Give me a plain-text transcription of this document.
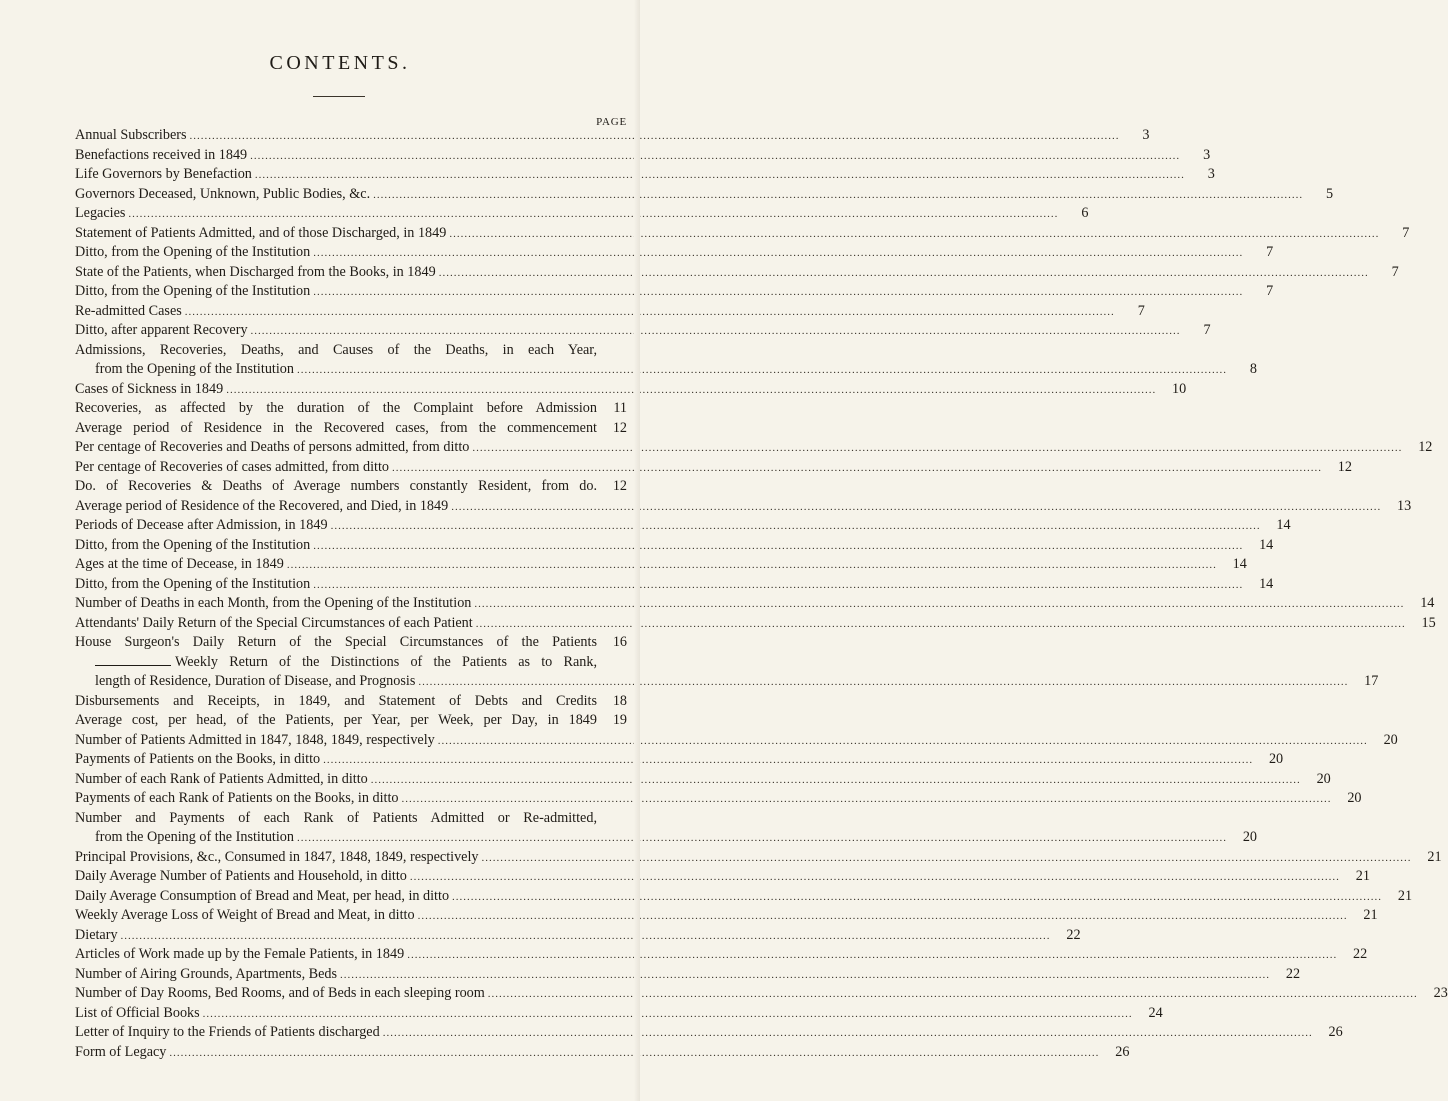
CONTENTS.
PAGE
Annual Subscribers .....	3
Benefactions received in 1849 .....	3
Life Governors by Benefaction .....	3
Governors Deceased, Unknown, Public Bodies, &c. .....	5
Legacies .....	6
Statement of Patients Admitted, and of those Discharged, in 1849 .....	7
Ditto, from the Opening of the Institution .....	7
State of the Patients, when Discharged from the Books, in 1849 .....	7
Ditto, from the Opening of the Institution .....	7
Re-admitted Cases .....	7
Ditto, after apparent Recovery .....	7
Admissions, Recoveries, Deaths, and Causes of the Deaths, in each Year,
from the Opening of the Institution .....	8
Cases of Sickness in 1849 .....	10
Recoveries, as affected by the duration of the Complaint before Admission	11
Average period of Residence in the Recovered cases, from the commencement	12
Per centage of Recoveries and Deaths of persons admitted, from ditto .....	12
Per centage of Recoveries of cases admitted, from ditto .....	12
Do. of Recoveries & Deaths of Average numbers constantly Resident, from do.	12
Average period of Residence of the Recovered, and Died, in 1849 .....	13
Periods of Decease after Admission, in 1849 .....	14
Ditto, from the Opening of the Institution .....	14
Ages at the time of Decease, in 1849 .....	14
Ditto, from the Opening of the Institution .....	14
Number of Deaths in each Month, from the Opening of the Institution .....	14
Attendants' Daily Return of the Special Circumstances of each Patient .....	15
House Surgeon's Daily Return of the Special Circumstances of the Patients	16
Weekly Return of the Distinctions of the Patients as to Rank,
length of Residence, Duration of Disease, and Prognosis .....	17
Disbursements and Receipts, in 1849, and Statement of Debts and Credits	18
Average cost, per head, of the Patients, per Year, per Week, per Day, in 1849	19
Number of Patients Admitted in 1847, 1848, 1849, respectively .....	20
Payments of Patients on the Books, in ditto .....	20
Number of each Rank of Patients Admitted, in ditto .....	20
Payments of each Rank of Patients on the Books, in ditto .....	20
Number and Payments of each Rank of Patients Admitted or Re-admitted,
from the Opening of the Institution .....	20
Principal Provisions, &c., Consumed in 1847, 1848, 1849, respectively .....	21
Daily Average Number of Patients and Household, in ditto .....	21
Daily Average Consumption of Bread and Meat, per head, in ditto .....	21
Weekly Average Loss of Weight of Bread and Meat, in ditto .....	21
Dietary .....	22
Articles of Work made up by the Female Patients, in 1849 .....	22
Number of Airing Grounds, Apartments, Beds .....	22
Number of Day Rooms, Bed Rooms, and of Beds in each sleeping room .....	23
List of Official Books .....	24
Letter of Inquiry to the Friends of Patients discharged .....	26
Form of Legacy .....	26
